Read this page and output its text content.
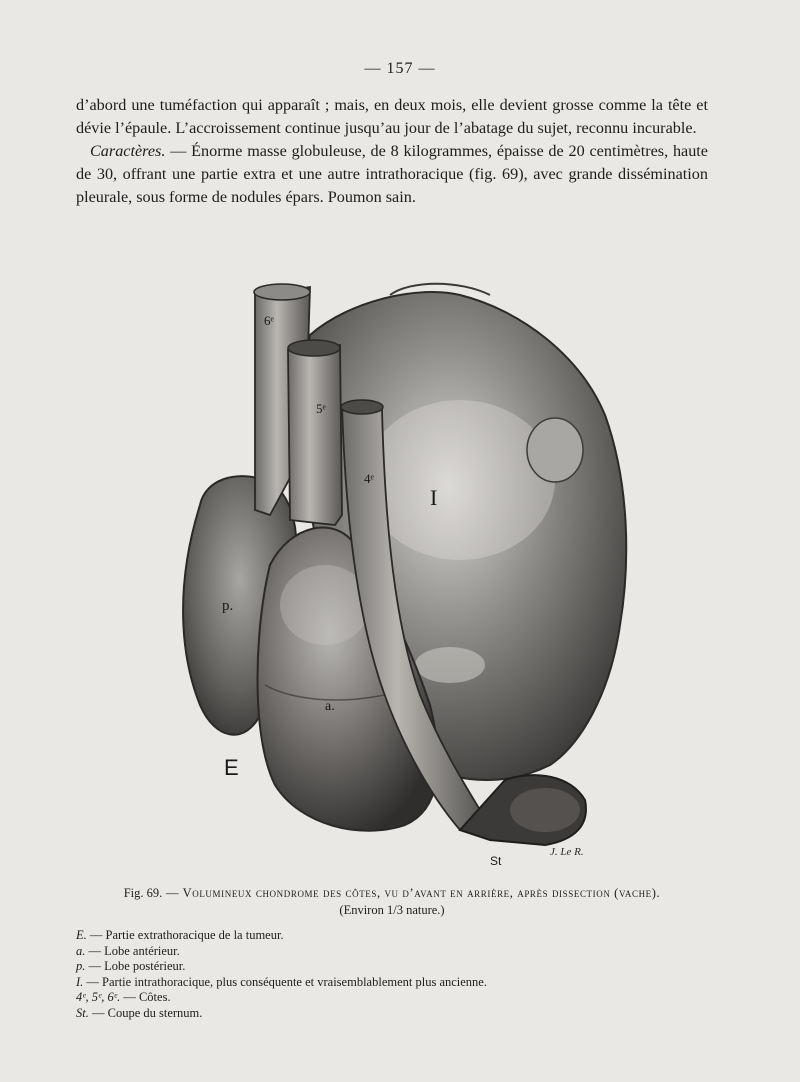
— 157 —

d’abord une tuméfaction qui apparaît ; mais, en deux mois, elle devient grosse comme la tête et dévie l’épaule. L’accroissement continue jusqu’au jour de l’abatage du sujet, reconnu incurable.

Caractères. — Énorme masse globuleuse, de 8 kilogrammes, épaisse de 20 centimètres, haute de 30, offrant une partie extra et une autre intrathoracique (fig. 69), avec grande dissémination pleurale, sous forme de nodules épars. Poumon sain.

6ᵉ
5ᵉ
4ᵉ
I
p.
a.
E
St
J. Le R.
Fig. 69. — Volumineux chondrome des côtes, vu d’avant en arrière, après dissection (vache).
(Environ 1/3 nature.)
E. — Partie extrathoracique de la tumeur.
a. — Lobe antérieur.
p. — Lobe postérieur.
I. — Partie intrathoracique, plus conséquente et vraisemblablement plus ancienne.
4ᵉ, 5ᵉ, 6ᵉ. — Côtes.
St. — Coupe du sternum.
